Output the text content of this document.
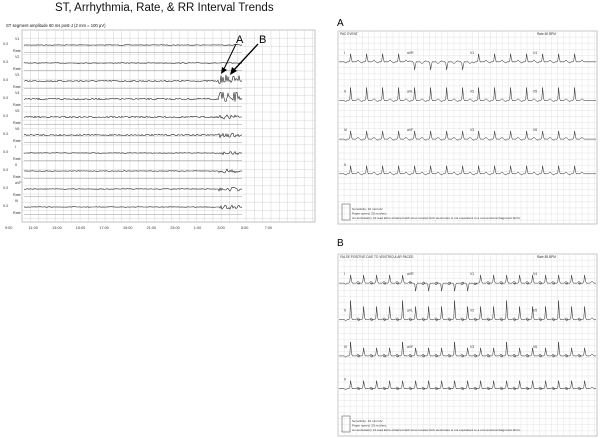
ST, Arrhythmia, Rate, & RR Interval Trends
ST segment amplitude 60 ms post-J (2 mm = 100 μV)
V1
0.0
Rate
V2
0.0
Rate
V3
0.0
Rate
V4
0.0
Rate
V5
0.0
Rate
V6
0.0
Rate
I
0.0
Rate
II
0.0
Rate
aVF
0.0
Rate
III
0.0
Rate
9:00	11:00	13:00	15:00	17:00	19:00	21:00	23:00	1:00	3:00	5:00	7:00
A B
A
PAC EVENT	Rate 60 BPM
I	aVR	V1	V4
II	aVL	V2	V5
III	aVF	V3	V6
II
Sensitivity: 10 mm/mV
Paper speed: 25 mm/sec
An ambulatory 12-lead ECG obtained with torso located limb electrodes is not equivalent to a conventional diagnostic ECG.
B
FALSE POSITIVE DUE TO VENTRICULAR PACED	Rate 85 BPM
I	aVR	V1	V4
II	aVL	V2	V5
III	aVF	V3	V6
II
Sensitivity: 10 mm/mV
Paper speed: 25 mm/sec
An ambulatory 12-lead ECG obtained with torso located limb electrodes is not equivalent to a conventional diagnostic ECG.
